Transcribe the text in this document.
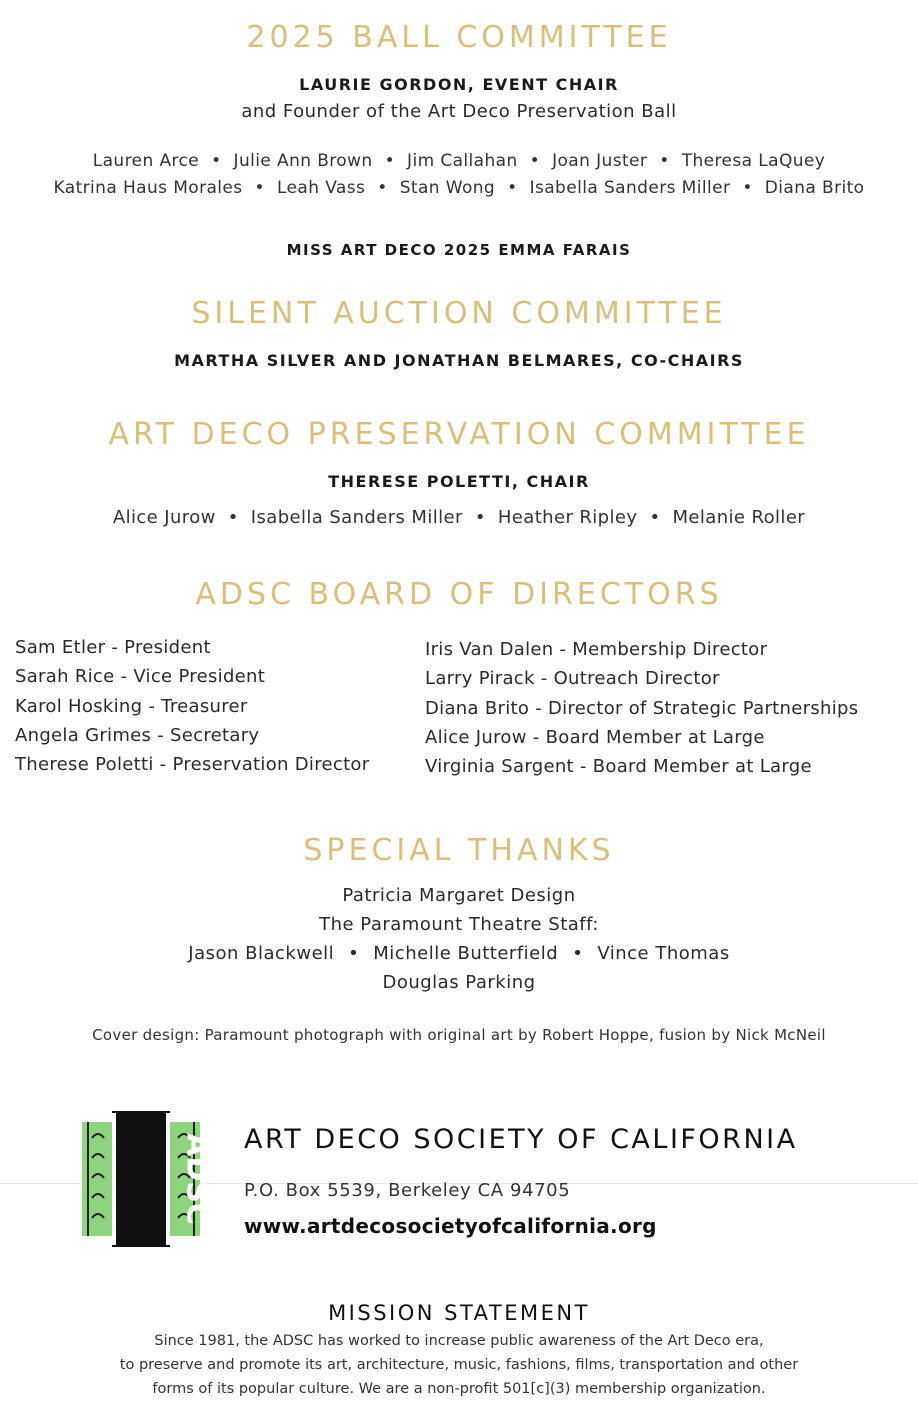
2025 BALL COMMITTEE
LAURIE GORDON, EVENT CHAIR
and Founder of the Art Deco Preservation Ball
Lauren Arce • Julie Ann Brown • Jim Callahan • Joan Juster • Theresa LaQuey
Katrina Haus Morales • Leah Vass • Stan Wong • Isabella Sanders Miller • Diana Brito
MISS ART DECO 2025 EMMA FARAIS
SILENT AUCTION COMMITTEE
MARTHA SILVER AND JONATHAN BELMARES, CO-CHAIRS
ART DECO PRESERVATION COMMITTEE
THERESE POLETTI, CHAIR
Alice Jurow • Isabella Sanders Miller • Heather Ripley • Melanie Roller
ADSC BOARD OF DIRECTORS
Sam Etler - President
Sarah Rice - Vice President
Karol Hosking - Treasurer
Angela Grimes - Secretary
Therese Poletti - Preservation Director
Iris Van Dalen - Membership Director
Larry Pirack - Outreach Director
Diana Brito - Director of Strategic Partnerships
Alice Jurow - Board Member at Large
Virginia Sargent - Board Member at Large
SPECIAL THANKS
Patricia Margaret Design
The Paramount Theatre Staff:
Jason Blackwell • Michelle Butterfield • Vince Thomas
Douglas Parking
Cover design: Paramount photograph with original art by Robert Hoppe, fusion by Nick McNeil
ADSC ART DECO SOCIETY OF CALIFORNIA
P.O. Box 5539, Berkeley CA 94705
www.artdecosocietyofcalifornia.org
MISSION STATEMENT
Since 1981, the ADSC has worked to increase public awareness of the Art Deco era,
to preserve and promote its art, architecture, music, fashions, films, transportation and other
forms of its popular culture. We are a non-profit 501[c](3) membership organization.
